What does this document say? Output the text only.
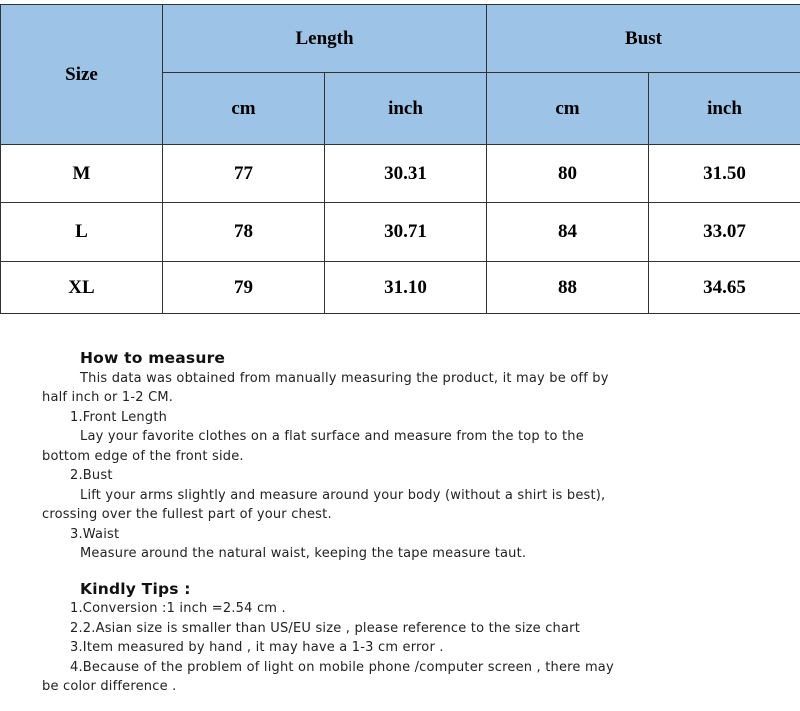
Size	Length		Bust	
	cm	inch	cm	inch
M	77	30.31	80	31.50
L	78	30.71	84	33.07
XL	79	31.10	88	34.65
How to measure
This data was obtained from manually measuring the product, it may be off by
half inch or 1-2 CM.
1.Front Length
Lay your favorite clothes on a flat surface and measure from the top to the
bottom edge of the front side.
2.Bust
Lift your arms slightly and measure around your body (without a shirt is best),
crossing over the fullest part of your chest.
3.Waist
Measure around the natural waist, keeping the tape measure taut.
Kindly Tips :
1.Conversion :1 inch =2.54 cm .
2.2.Asian size is smaller than US/EU size , please reference to the size chart
3.Item measured by hand , it may have a 1-3 cm error .
4.Because of the problem of light on mobile phone /computer screen , there may
be color difference .
